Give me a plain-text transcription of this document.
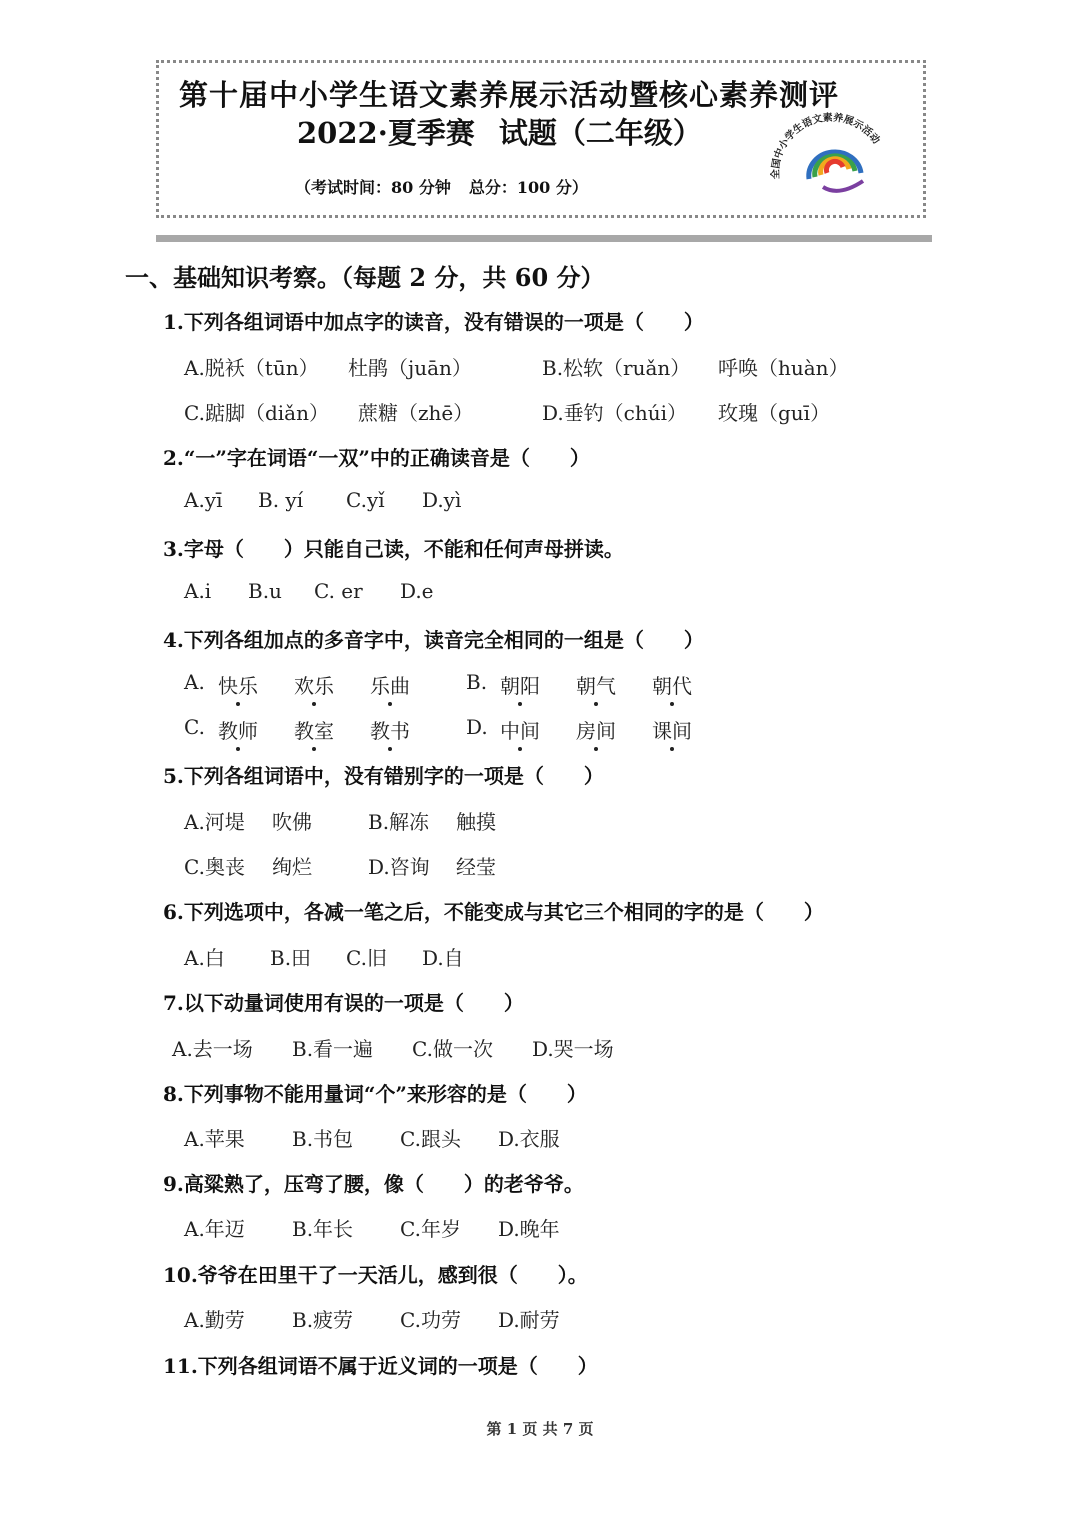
第十届中小学生语文素养展示活动暨核心素养测评
2022·夏季赛 试题（二年级）
（考试时间：80 分钟 总分：100 分）
全国中小学生语文素养展示活动
一、基础知识考察。（每题 2 分，共 60 分）
1.下列各组词语中加点字的读音，没有错误的一项是（　　）
A.脱袄（tūn） 杜鹃（juān）	B.松软（ruǎn） 呼唤（huàn）
C.踮脚（diǎn） 蔗糖（zhē）	D.垂钓（chúi） 玫瑰（guī）
2.“一”字在词语“一双”中的正确读音是（　　）
A.yī B. yí C.yǐ D.yì
3.字母（　　）只能自己读，不能和任何声母拼读。
A.i B.u C. er D.e
4.下列各组加点的多音字中，读音完全相同的一组是（　　）
A. 快乐 欢乐 乐曲	B. 朝阳 朝气 朝代
C. 教师 教室 教书	D. 中间 房间 课间
5.下列各组词语中，没有错别字的一项是（　　）
A.河堤 吹佛	B.解冻 触摸
C.奥丧 绚烂	D.咨询 经莹
6.下列选项中，各减一笔之后，不能变成与其它三个相同的字的是（　　）
A.白 B.田 C.旧 D.自
7.以下动量词使用有误的一项是（　　）
A.去一场 B.看一遍 C.做一次 D.哭一场
8.下列事物不能用量词“个”来形容的是（　　）
A.苹果 B.书包 C.跟头 D.衣服
9.高粱熟了，压弯了腰，像（　　）的老爷爷。
A.年迈 B.年长 C.年岁 D.晚年
10.爷爷在田里干了一天活儿，感到很（　　）。
A.勤劳 B.疲劳 C.功劳 D.耐劳
11.下列各组词语不属于近义词的一项是（　　）
第 1 页 共 7 页
